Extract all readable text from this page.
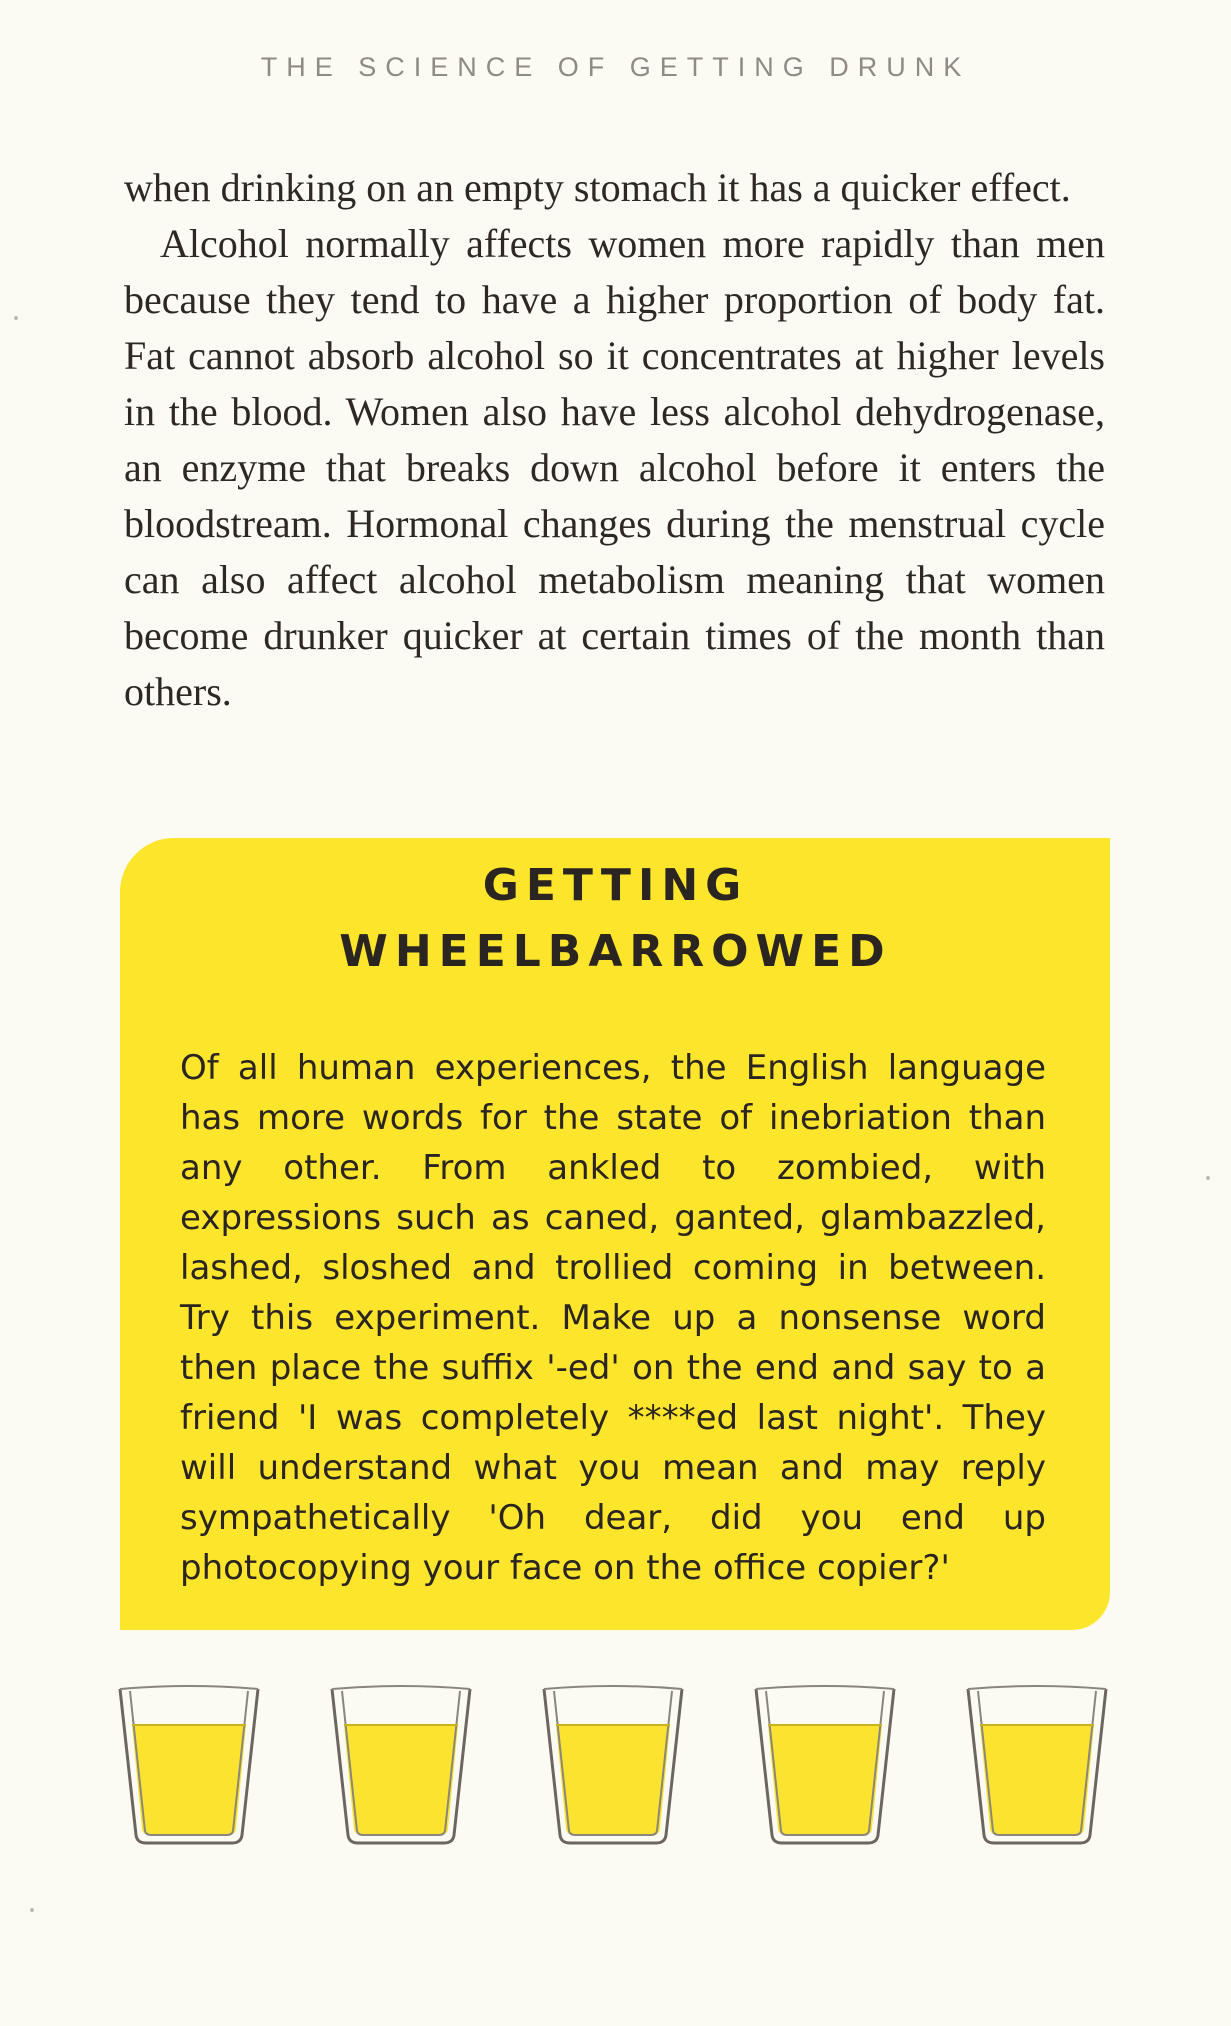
THE SCIENCE OF GETTING DRUNK

when drinking on an empty stomach it has a quicker effect.

Alcohol normally affects women more rapidly than men because they tend to have a higher proportion of body fat. Fat cannot absorb alcohol so it concentrates at higher levels in the blood. Women also have less alcohol dehydrogenase, an enzyme that breaks down alcohol before it enters the bloodstream. Hormonal changes during the menstrual cycle can also affect alcohol metabolism meaning that women become drunker quicker at certain times of the month than others.

GETTING
WHEELBARROWED
Of all human experiences, the English language has more words for the state of inebriation than any other. From ankled to zombied, with expressions such as caned, ganted, glambazzled, lashed, sloshed and trollied coming in between. Try this experiment. Make up a nonsense word then place the suffix '-ed' on the end and say to a friend 'I was completely ****ed last night'. They will understand what you mean and may reply sympathetically 'Oh dear, did you end up photocopying your face on the office copier?'
